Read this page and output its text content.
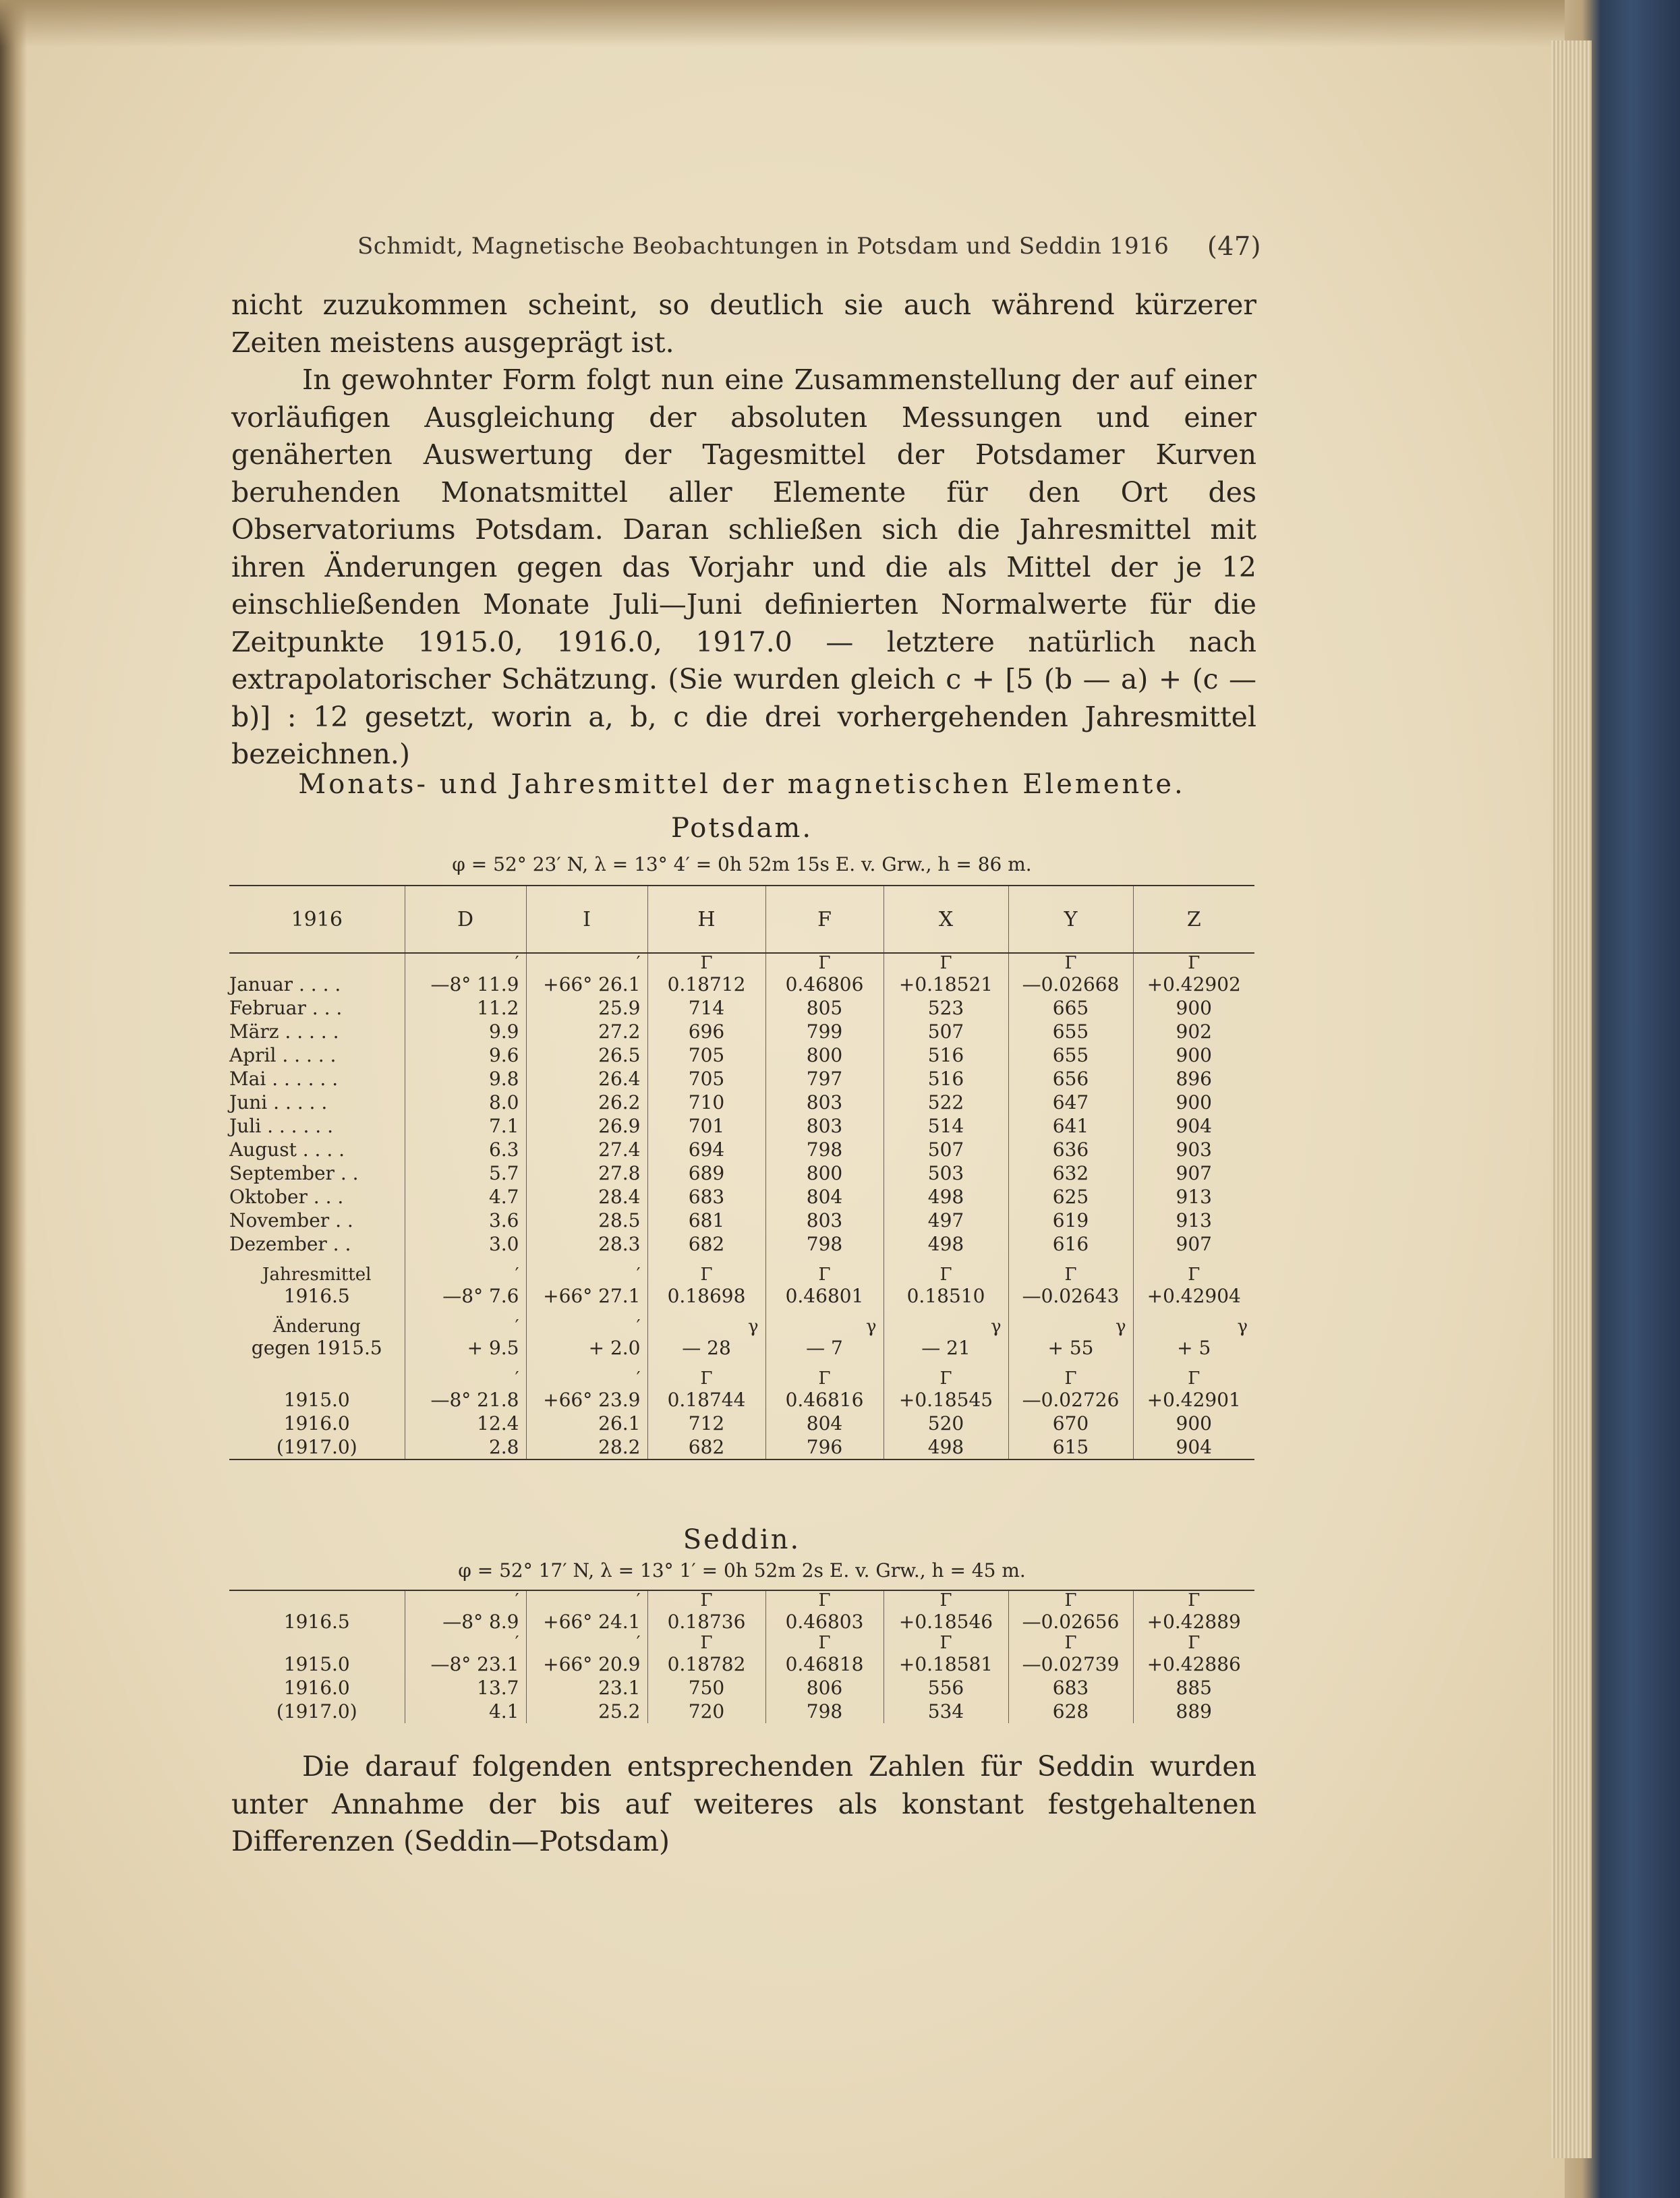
Schmidt, Magnetische Beobachtungen in Potsdam und Seddin 1916 (47)

nicht zuzukommen scheint, so deutlich sie auch während kürzerer Zeiten meistens ausgeprägt ist.

In gewohnter Form folgt nun eine Zusammenstellung der auf einer vorläufigen Ausgleichung der absoluten Messungen und einer genäherten Auswertung der Tagesmittel der Potsdamer Kurven beruhenden Monatsmittel aller Elemente für den Ort des Observatoriums Potsdam. Daran schließen sich die Jahresmittel mit ihren Änderungen gegen das Vorjahr und die als Mittel der je 12 einschließenden Monate Juli—Juni definierten Normalwerte für die Zeitpunkte 1915.0, 1916.0, 1917.0 — letztere natürlich nach extrapolatorischer Schätzung. (Sie wurden gleich c + [5 (b — a) + (c — b)] : 12 gesetzt, worin a, b, c die drei vorhergehenden Jahresmittel bezeichnen.)

Monats- und Jahresmittel der magnetischen Elemente.
Potsdam.
φ = 52° 23′ N, λ = 13° 4′ = 0h 52m 15s E. v. Grw., h = 86 m.
1916	D	I	H	F	X	Y	Z
	′	′	Γ	Γ	Γ	Γ	Γ
Januar . . . .	—8° 11.9	+66° 26.1	0.18712	0.46806	+0.18521	—0.02668	+0.42902
Februar . . .	11.2	25.9	714	805	523	665	900
März . . . . .	9.9	27.2	696	799	507	655	902
April . . . . .	9.6	26.5	705	800	516	655	900
Mai . . . . . .	9.8	26.4	705	797	516	656	896
Juni . . . . .	8.0	26.2	710	803	522	647	900
Juli . . . . . .	7.1	26.9	701	803	514	641	904
August . . . .	6.3	27.4	694	798	507	636	903
September . .	5.7	27.8	689	800	503	632	907
Oktober . . .	4.7	28.4	683	804	498	625	913
November . .	3.6	28.5	681	803	497	619	913
Dezember . .	3.0	28.3	682	798	498	616	907

Jahresmittel	′	′	Γ	Γ	Γ	Γ	Γ
1916.5	—8° 7.6	+66° 27.1	0.18698	0.46801	0.18510	—0.02643	+0.42904

Änderung	′	′	γ	γ	γ	γ	γ
gegen 1915.5	+ 9.5	+ 2.0	— 28	— 7	— 21	+ 55	+ 5

	′	′	Γ	Γ	Γ	Γ	Γ
1915.0	—8° 21.8	+66° 23.9	0.18744	0.46816	+0.18545	—0.02726	+0.42901
1916.0	12.4	26.1	712	804	520	670	900
(1917.0)	2.8	28.2	682	796	498	615	904
Seddin.
φ = 52° 17′ N, λ = 13° 1′ = 0h 52m 2s E. v. Grw., h = 45 m.
	′	′	Γ	Γ	Γ	Γ	Γ
1916.5	—8° 8.9	+66° 24.1	0.18736	0.46803	+0.18546	—0.02656	+0.42889
	′	′	Γ	Γ	Γ	Γ	Γ
1915.0	—8° 23.1	+66° 20.9	0.18782	0.46818	+0.18581	—0.02739	+0.42886
1916.0	13.7	23.1	750	806	556	683	885
(1917.0)	4.1	25.2	720	798	534	628	889

Die darauf folgenden entsprechenden Zahlen für Seddin wurden unter Annahme der bis auf weiteres als konstant festgehaltenen Differenzen (Seddin—Potsdam)
